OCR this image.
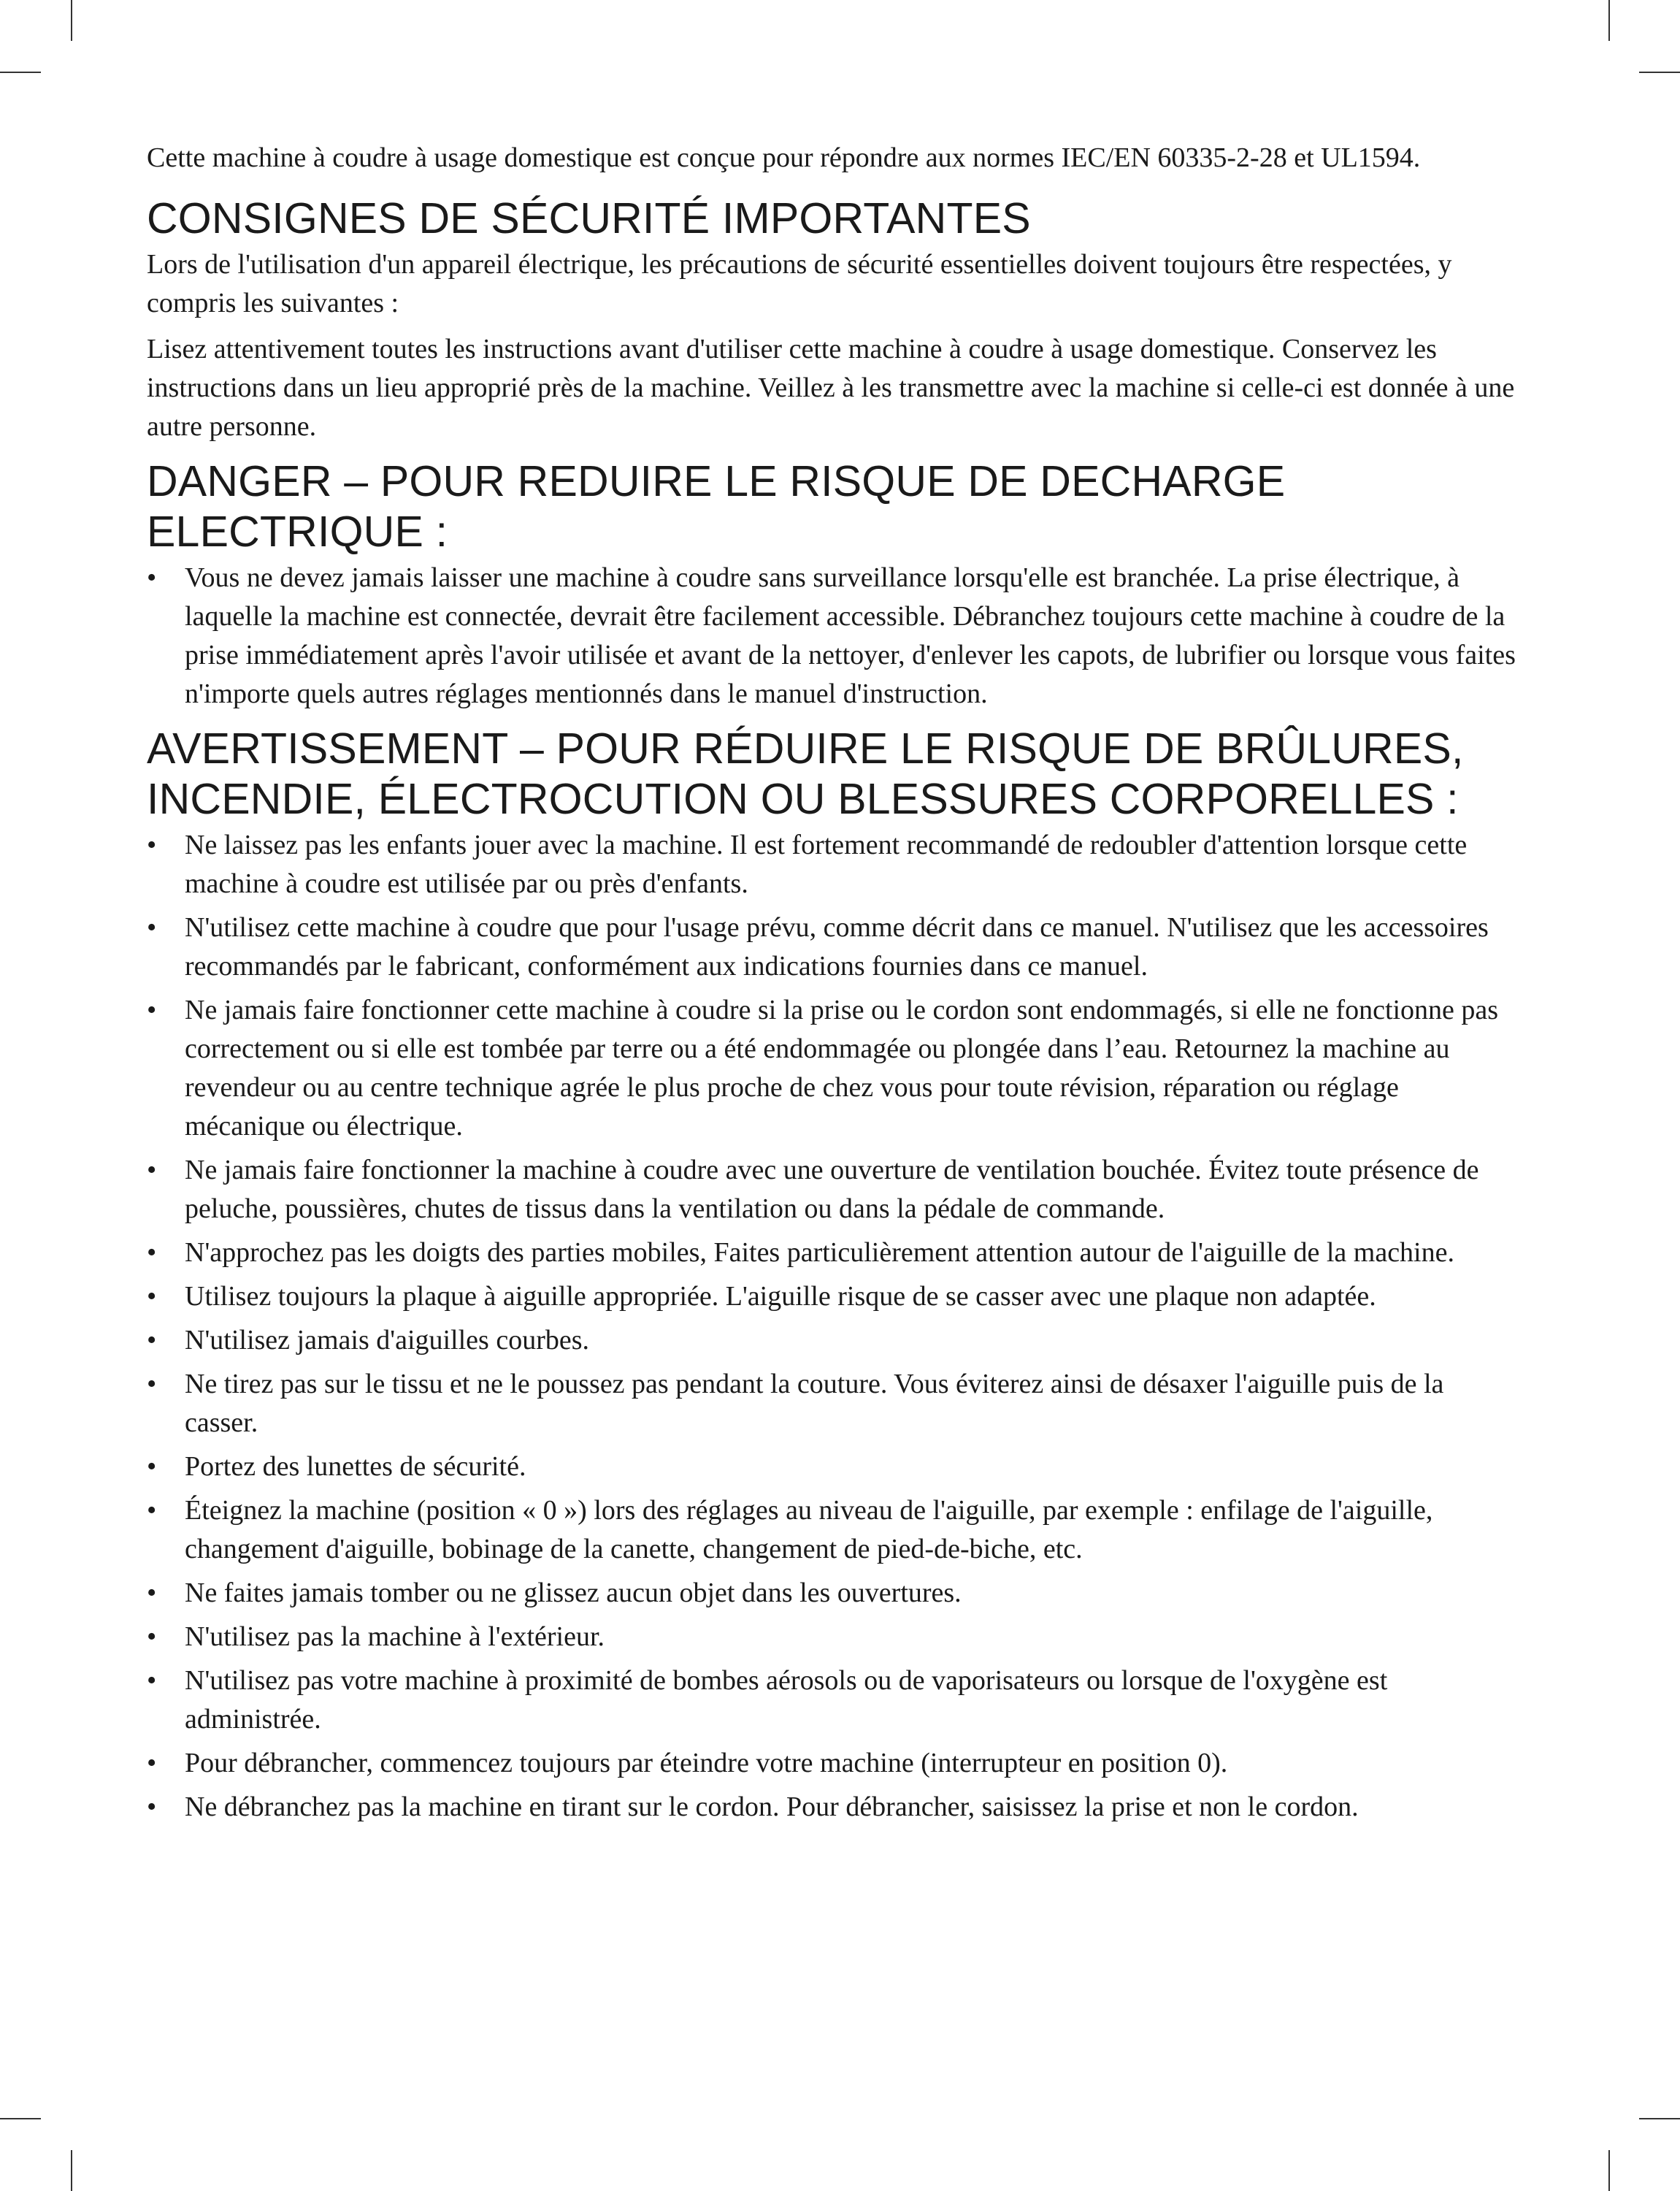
Cette machine à coudre à usage domestique est conçue pour répondre aux normes IEC/EN 60335-2-28 et UL1594.

CONSIGNES DE SÉCURITÉ IMPORTANTES

Lors de l'utilisation d'un appareil électrique, les précautions de sécurité essentielles doivent toujours être respectées, y compris les suivantes :

Lisez attentivement toutes les instructions avant d'utiliser cette machine à coudre à usage domestique. Conservez les instructions dans un lieu approprié près de la machine. Veillez à les transmettre avec la machine si celle-ci est donnée à une autre personne.

DANGER – POUR REDUIRE LE RISQUE DE DECHARGE ELECTRIQUE :
• Vous ne devez jamais laisser une machine à coudre sans surveillance lorsqu'elle est branchée. La prise électrique, à laquelle la machine est connectée, devrait être facilement accessible. Débranchez toujours cette machine à coudre de la prise immédiatement après l'avoir utilisée et avant de la nettoyer, d'enlever les capots, de lubrifier ou lorsque vous faites n'importe quels autres réglages mentionnés dans le manuel d'instruction.
AVERTISSEMENT – POUR RÉDUIRE LE RISQUE DE BRÛLURES, INCENDIE, ÉLECTROCUTION OU BLESSURES CORPORELLES :
• Ne laissez pas les enfants jouer avec la machine. Il est fortement recommandé de redoubler d'attention lorsque cette machine à coudre est utilisée par ou près d'enfants.
• N'utilisez cette machine à coudre que pour l'usage prévu, comme décrit dans ce manuel. N'utilisez que les accessoires recommandés par le fabricant, conformément aux indications fournies dans ce manuel.
• Ne jamais faire fonctionner cette machine à coudre si la prise ou le cordon sont endommagés, si elle ne fonctionne pas correctement ou si elle est tombée par terre ou a été endommagée ou plongée dans l’eau. Retournez la machine au revendeur ou au centre technique agrée le plus proche de chez vous pour toute révision, réparation ou réglage mécanique ou électrique.
• Ne jamais faire fonctionner la machine à coudre avec une ouverture de ventilation bouchée. Évitez toute présence de peluche, poussières, chutes de tissus dans la ventilation ou dans la pédale de commande.
• N'approchez pas les doigts des parties mobiles, Faites particulièrement attention autour de l'aiguille de la machine.
• Utilisez toujours la plaque à aiguille appropriée. L'aiguille risque de se casser avec une plaque non adaptée.
• N'utilisez jamais d'aiguilles courbes.
• Ne tirez pas sur le tissu et ne le poussez pas pendant la couture. Vous éviterez ainsi de désaxer l'aiguille puis de la casser.
• Portez des lunettes de sécurité.
• Éteignez la machine (position « 0 ») lors des réglages au niveau de l'aiguille, par exemple : enfilage de l'aiguille, changement d'aiguille, bobinage de la canette, changement de pied-de-biche, etc.
• Ne faites jamais tomber ou ne glissez aucun objet dans les ouvertures.
• N'utilisez pas la machine à l'extérieur.
• N'utilisez pas votre machine à proximité de bombes aérosols ou de vaporisateurs ou lorsque de l'oxygène est administrée.
• Pour débrancher, commencez toujours par éteindre votre machine (interrupteur en position 0).
• Ne débranchez pas la machine en tirant sur le cordon. Pour débrancher, saisissez la prise et non le cordon.
